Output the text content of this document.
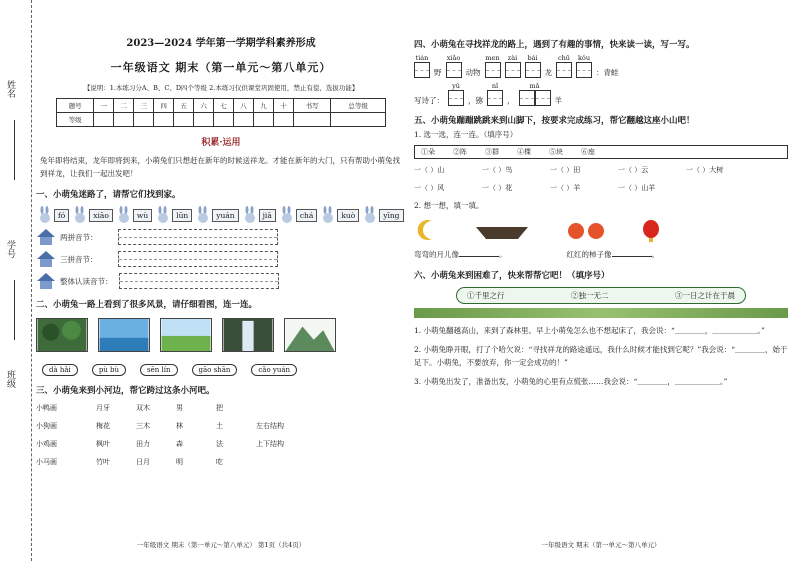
姓名
学号
班级
2023—2024 学年第一学期学科素养形成
一年级语文 期末（第一单元～第八单元）
【说明：1.本练习分A、B、C、D四个等级 2.本练习仅供课堂巩固使用，禁止有偿、选拔功能】
题号	一	二	三	四	五	六	七	八	九	十	书写	总等级
等级												
积累·运用
兔年即将结束，龙年即将到来，小萌兔们只想赶在新年的时候送祥龙。才能在新年的大门，只有帮助小萌兔找到祥龙，让我们一起出发吧！
一、小萌兔迷路了，请帮它们找到家。
fó	xiāo	wù	lūn	yuán	jiā	chá	kuò	yīng
两拼音节：
三拼音节：
整体认读音节：
二、小萌兔一路上看到了很多风景，请仔细看图，连一连。
dà hǎi	pù bù	sēn lín	gāo shān	cǎo yuán
三、小萌兔来到小河边，帮它跨过这条小河吧。
小鸭画	月牙	双木	男	把
小狗画	梅花	三木	林	土	左右结构
小鸡画	枫叶	田力	森	法	上下结构
小马画	竹叶	日月	明	吃
一年级语文 期末（第一单元～第八单元） 第1页（共4页）
四、小萌兔在寻找祥龙的路上，遇到了有趣的事情，快来读一读，写一写。
tián
野
xiǎo
动物
men	zài	bái
龙
chū	kǒu
：青蛙
写诗了：
yǔ
，猕
nǐ
，
mǎ
羊
五、小萌兔蹦蹦跳跳来到山脚下，按要求完成练习，帮它翻越这座小山吧！
1. 选一选，连一连。（填序号）
①朵	②阵	③群	④棵	⑤块	⑥座
一（ ）山	一（ ）鸟	一（ ）田	一（ ）云	一（ ）大树
一（ ）风	一（ ）花	一（ ）羊	一（ ）山羊
2. 想一想，填一填。
弯弯的月儿像	。	红红的柿子像	。
六、小萌兔来到困难了，快来帮帮它吧！（填序号）
①千里之行	②独一无二	③一日之计在于晨
1. 小萌兔翻越高山，来到了森林里。早上小萌兔怎么也不想起床了，我会说：“＿＿＿＿，＿＿＿＿＿＿。”
2. 小萌兔睁开眼，打了个哈欠说：“寻找祥龙的路途遥远，我什么时候才能找到它呢？”我会说：“＿＿＿＿，始于足下。小萌兔，不要放弃，你一定会成功的！”
3. 小萌兔出发了，准备出发，小萌兔的心里有点慌张……我会说：“＿＿＿＿，＿＿＿＿＿＿。”
一年级语文 期末（第一单元～第八单元）
